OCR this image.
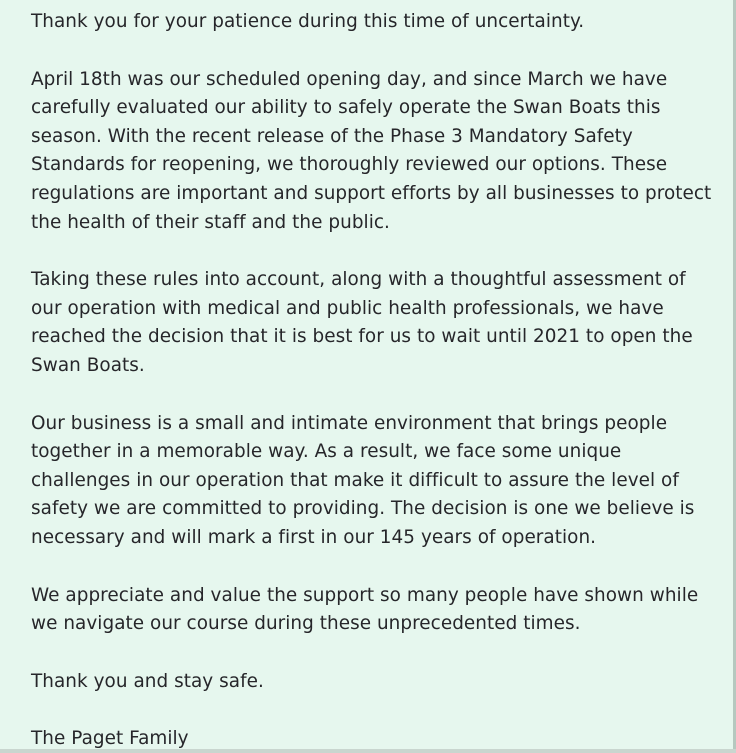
Thank you for your patience during this time of uncertainty.

April 18th was our scheduled opening day, and since March we have carefully evaluated our ability to safely operate the Swan Boats this season. With the recent release of the Phase 3 Mandatory Safety Standards for reopening, we thoroughly reviewed our options. These regulations are important and support efforts by all businesses to protect the health of their staff and the public.

Taking these rules into account, along with a thoughtful assessment of our operation with medical and public health professionals, we have reached the decision that it is best for us to wait until 2021 to open the Swan Boats.

Our business is a small and intimate environment that brings people together in a memorable way. As a result, we face some unique challenges in our operation that make it difficult to assure the level of safety we are committed to providing. The decision is one we believe is necessary and will mark a first in our 145 years of operation.

We appreciate and value the support so many people have shown while we navigate our course during these unprecedented times.

Thank you and stay safe.

The Paget Family
